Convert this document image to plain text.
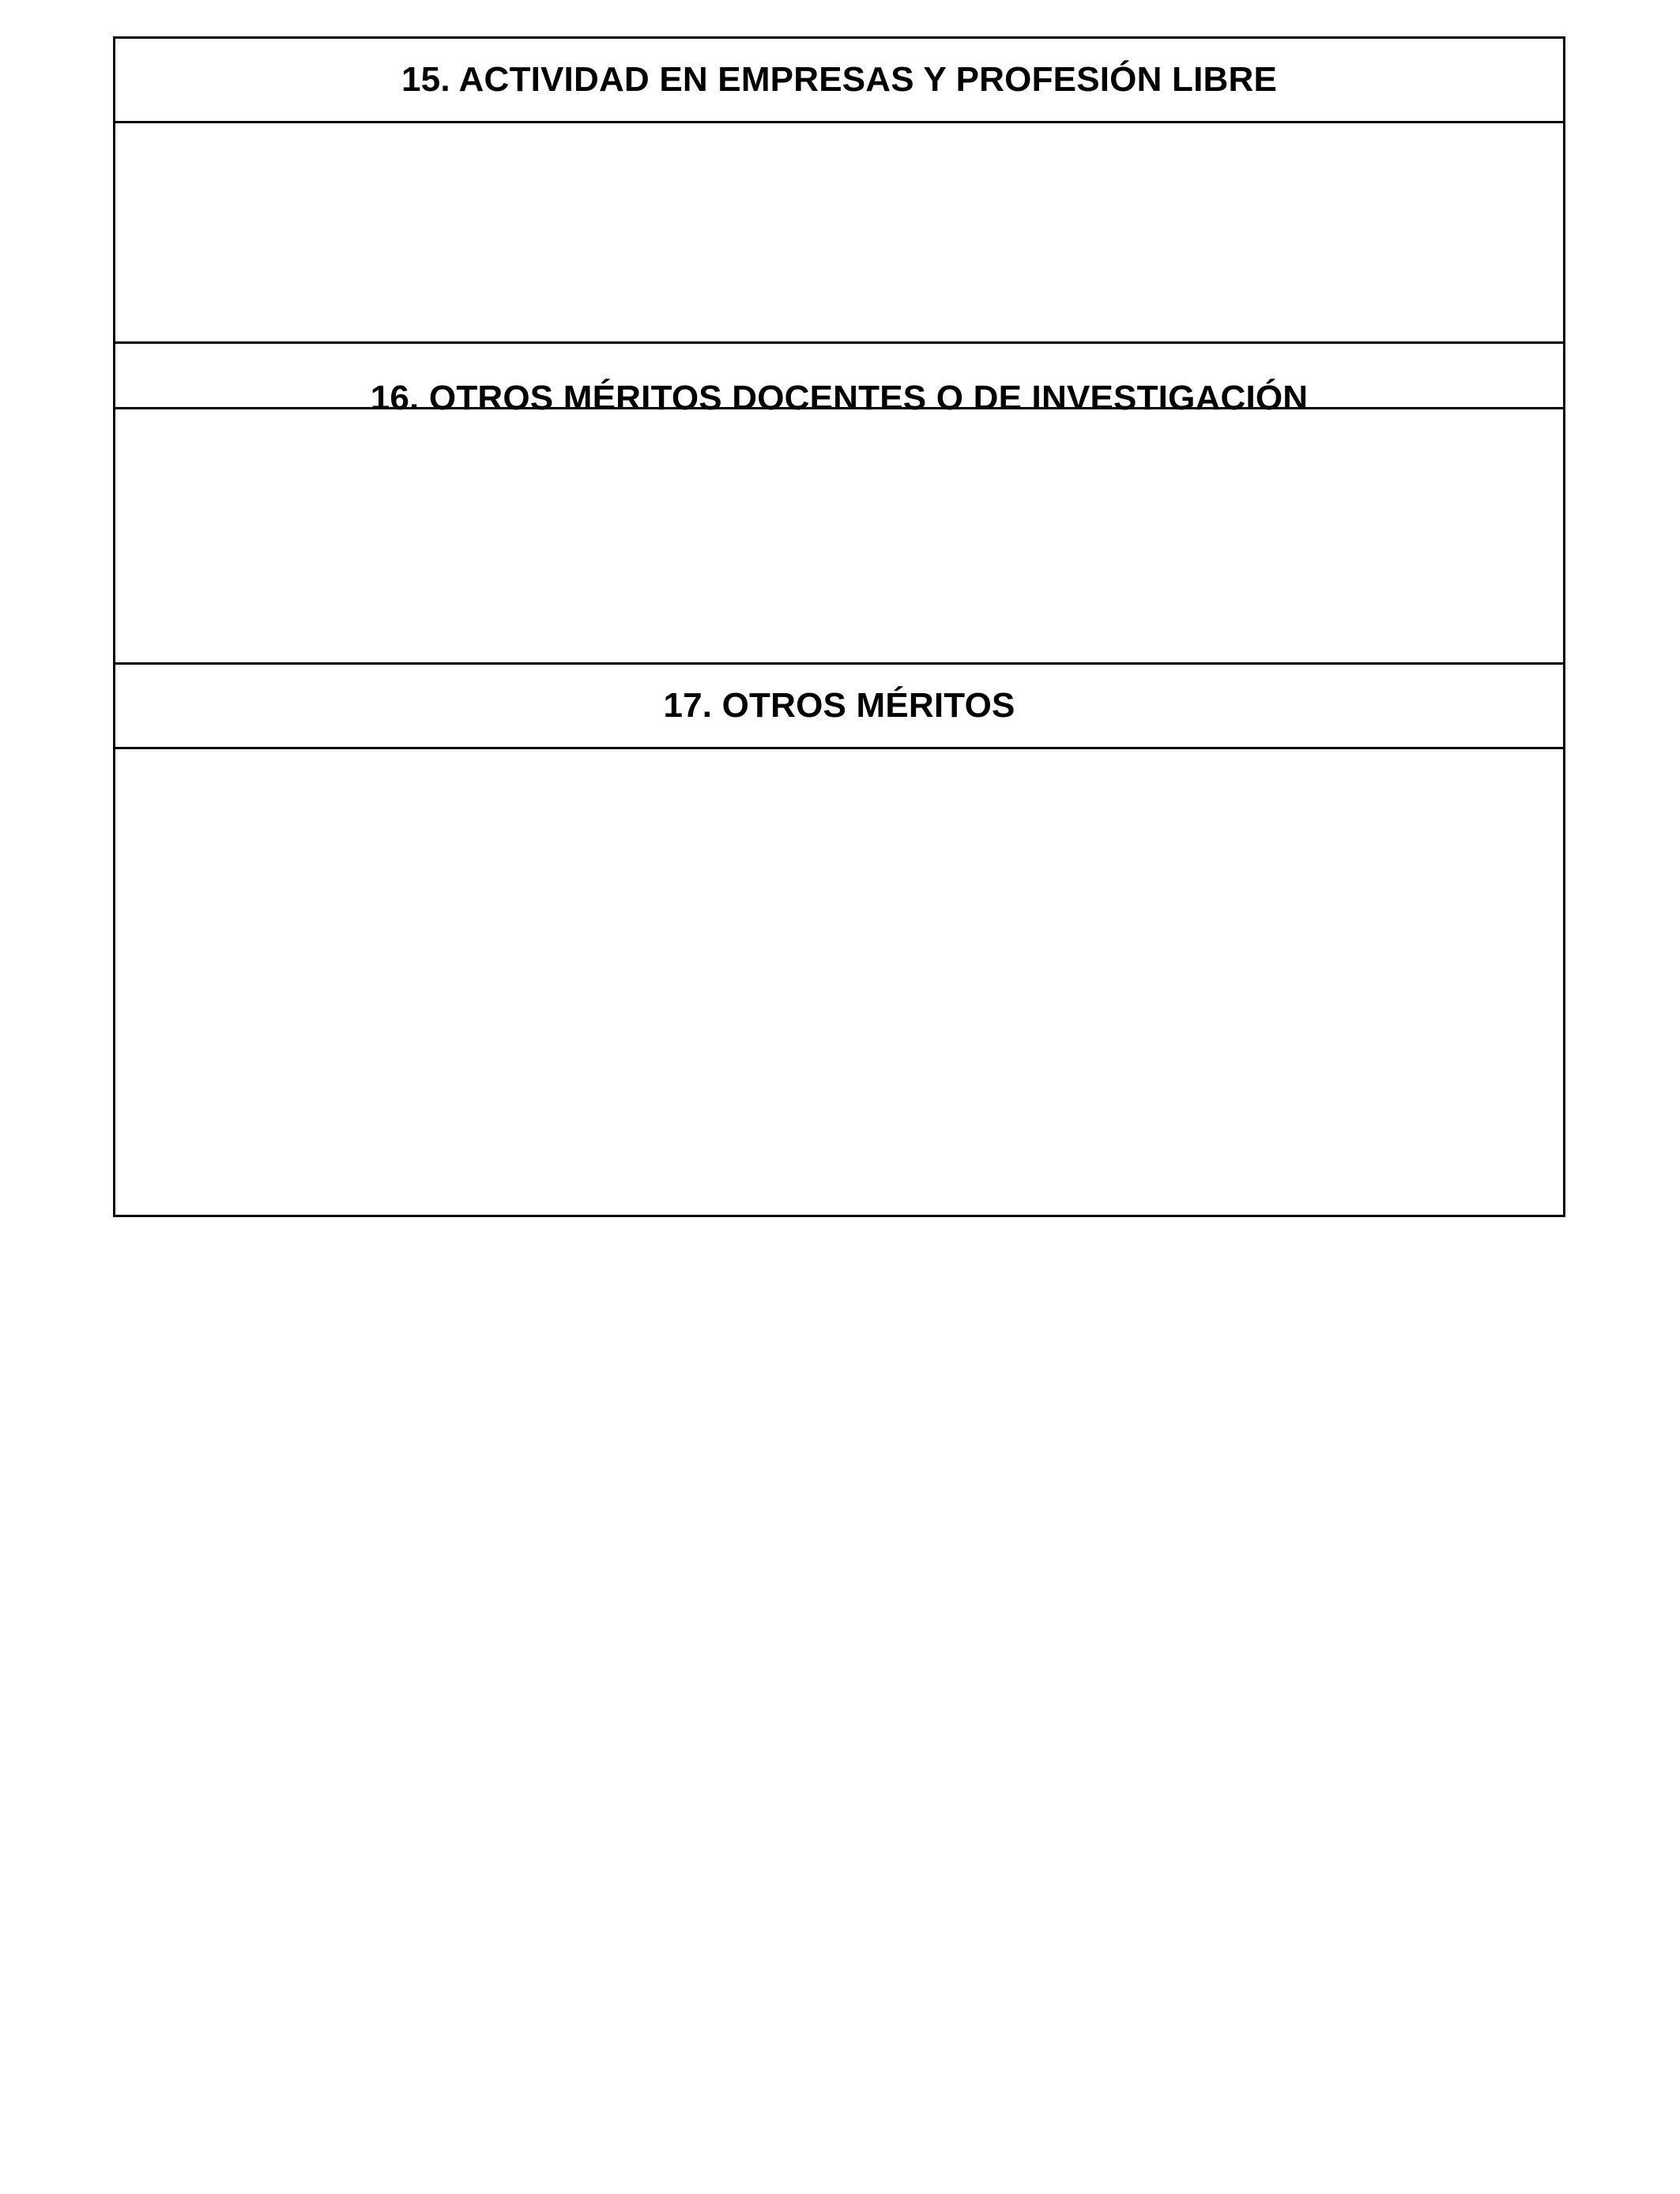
15. ACTIVIDAD EN EMPRESAS Y PROFESIÓN LIBRE
16. OTROS MÉRITOS DOCENTES O DE INVESTIGACIÓN
17. OTROS MÉRITOS
